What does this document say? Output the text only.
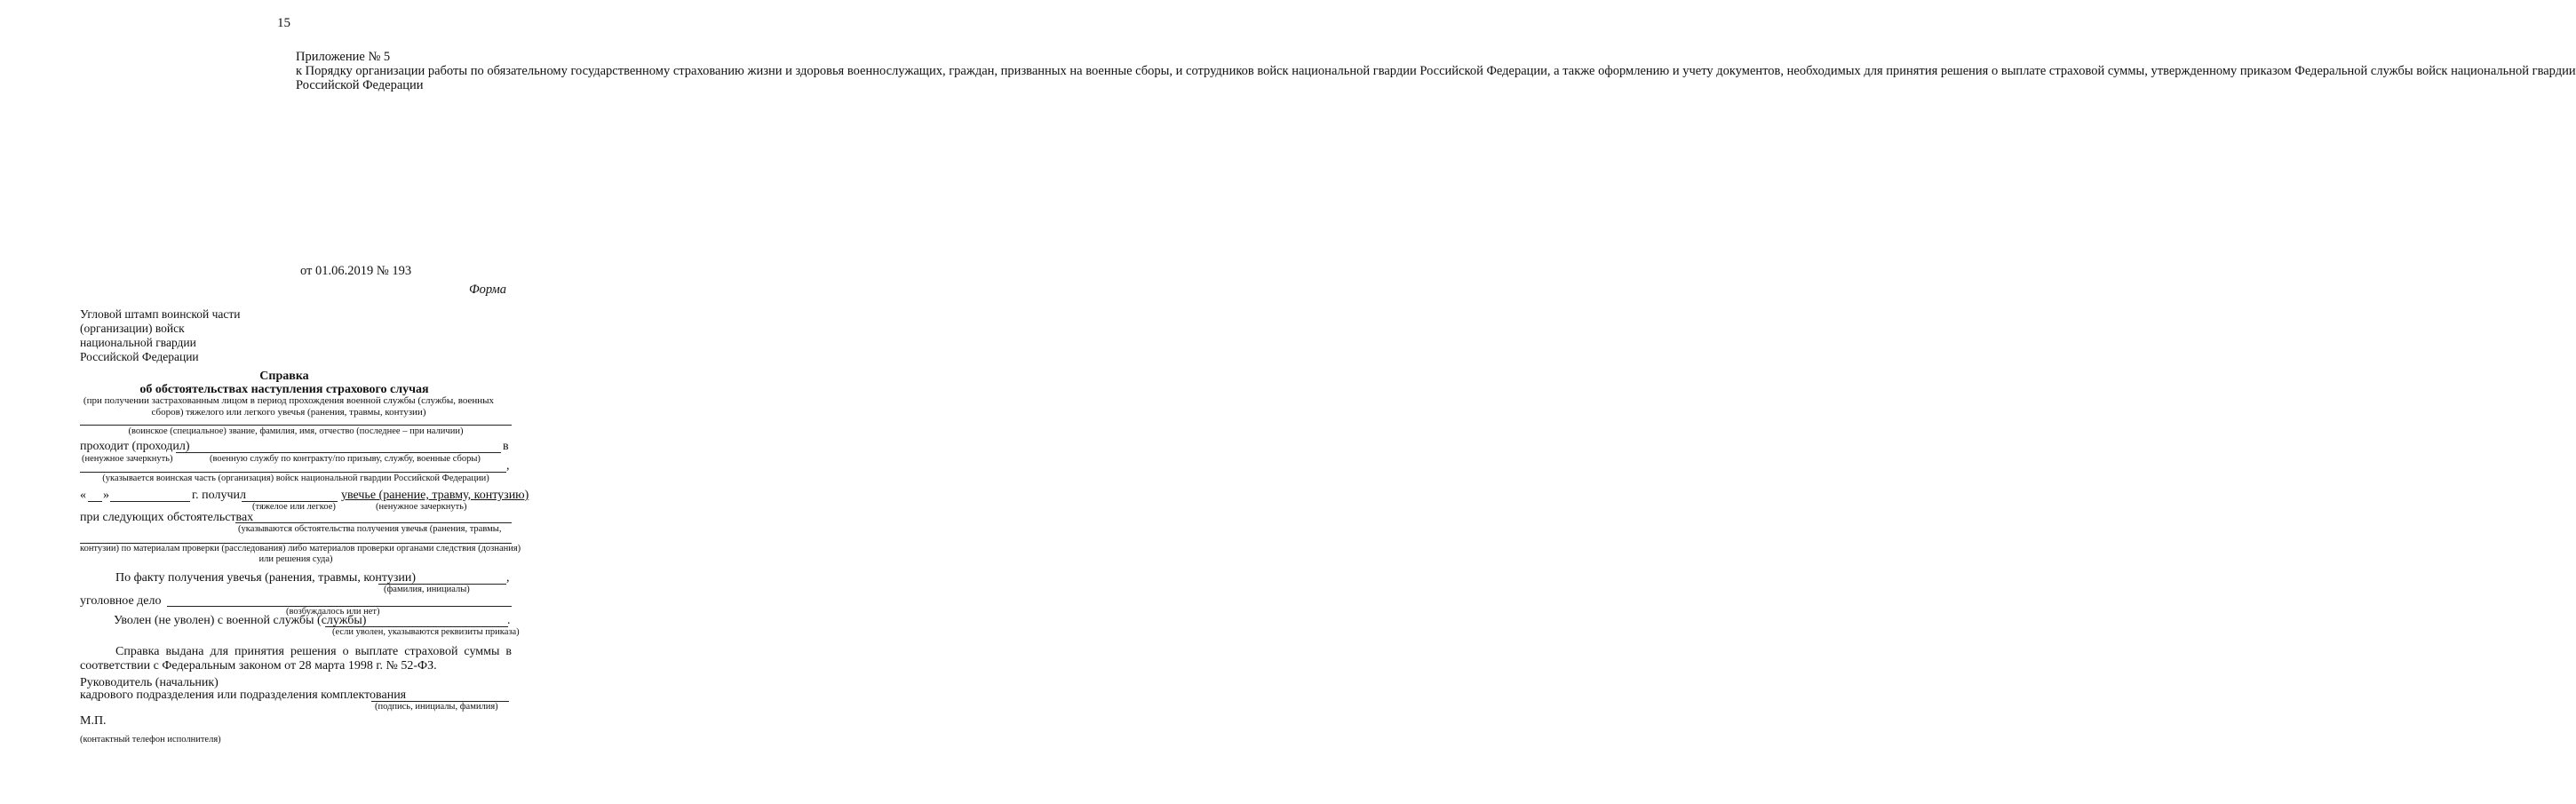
15
Приложение № 5
к Порядку организации работы по обязательному государственному страхованию жизни и здоровья военнослужащих, граждан, призванных на военные сборы, и сотрудников войск национальной гвардии Российской Федерации, а также оформлению и учету документов, необходимых для принятия решения о выплате страховой суммы, утвержденному приказом Федеральной службы войск национальной гвардии
Российской Федерации
от 01.06.2019 № 193
Форма
Угловой штамп воинской части (организации) войск национальной гвардии Российской Федерации
Справка
об обстоятельствах наступления страхового случая
(при получении застрахованным лицом в период прохождения военной службы (службы, военных сборов) тяжелого или легкого увечья (ранения, травмы, контузии)
(воинское (специальное) звание, фамилия, имя, отчество (последнее – при наличии)
проходит (проходил)	в
(ненужное зачеркнуть)	(военную службу по контракту/по призыву, службу, военные сборы)
,
(указывается воинская часть (организация) войск национальной гвардии Российской Федерации)
« »	г. получил	увечье (ранение, травму, контузию)
(тяжелое или легкое)	(ненужное зачеркнуть)
при следующих обстоятельствах
(указываются обстоятельства получения увечья (ранения, травмы,
контузии) по материалам проверки (расследования) либо материалов проверки органами следствия (дознания)
или решения суда)
По факту получения увечья (ранения, травмы, контузии)	,
(фамилия, инициалы)
уголовное дело
(возбуждалось или нет)
Уволен (не уволен) с военной службы (службы)	.
(если уволен, указываются реквизиты приказа)
Справка выдана для принятия решения о выплате страховой суммы в соответствии с Федеральным законом от 28 марта 1998 г. № 52-ФЗ.
Руководитель (начальник)
кадрового подразделения или подразделения комплектования
(подпись, инициалы, фамилия)
М.П.
(контактный телефон исполнителя)
